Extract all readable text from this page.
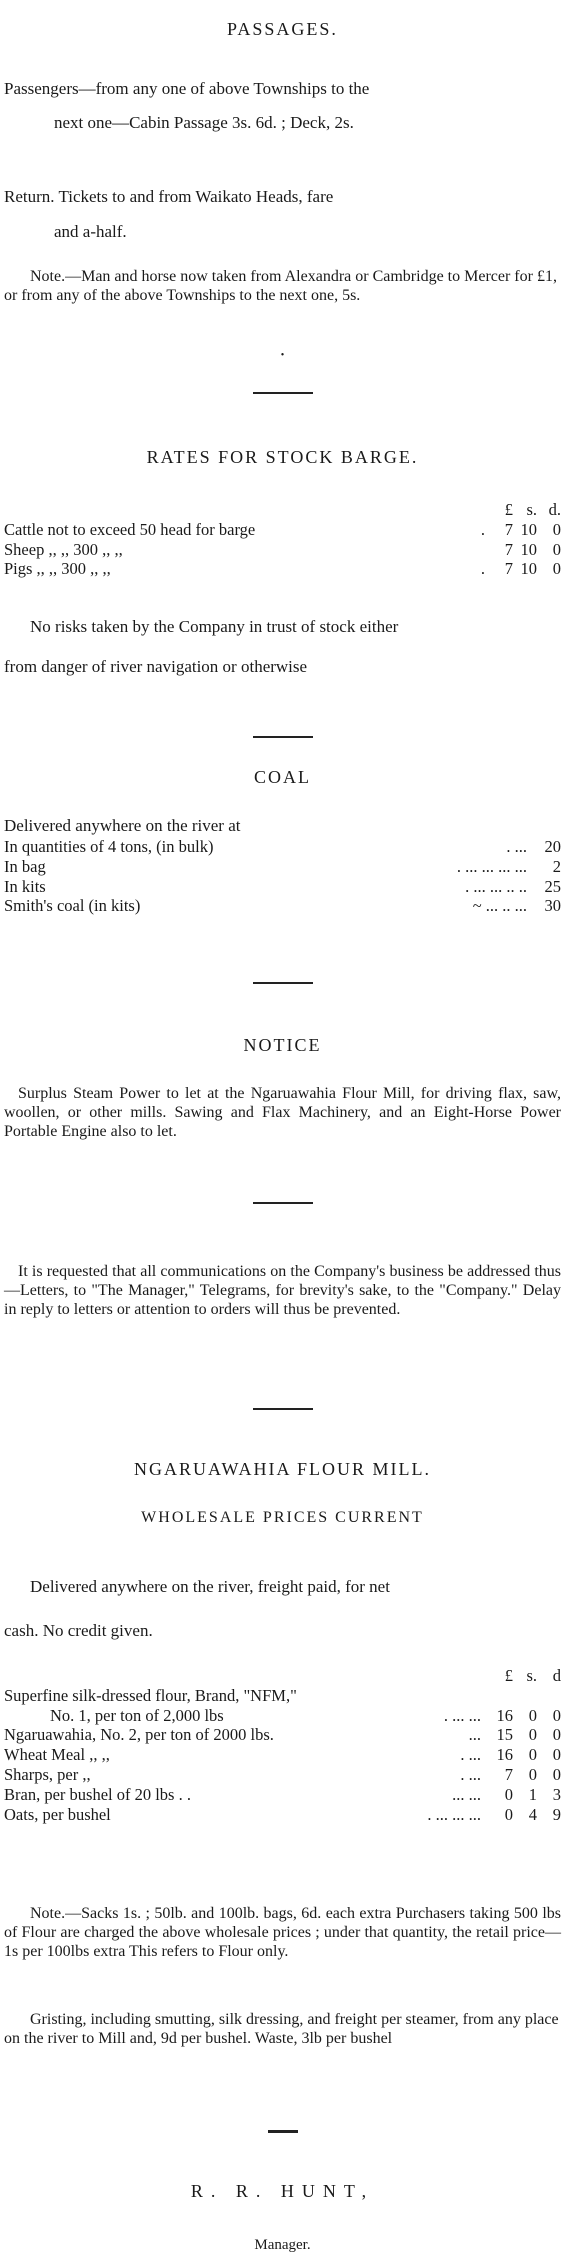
PASSAGES.
Passengers—from any one of above Townships to the
next one—Cabin Passage 3s. 6d. ; Deck, 2s.
Return. Tickets to and from Waikato Heads, fare
and a-half.
Note.—Man and horse now taken from Alexandra or Cambridge to Mercer for £1, or from any of the above Townships to the next one, 5s.
•
RATES FOR STOCK BARGE.
		£	s.	d.
Cattle not to exceed 50 head for barge	.	7	10	0
Sheep ,, ,, 300 ,, ,,		7	10	0
Pigs ,, ,, 300 ,, ,,	.	7	10	0
No risks taken by the Company in trust of stock either
from danger of river navigation or otherwise
COAL
Delivered anywhere on the river at
In quantities of 4 tons, (in bulk)	. ...	20
In bag	. ... ... ... ...	2
In kits	. ... ... .. ..	25
Smith's coal (in kits)	~ ... .. ...	30
NOTICE
Surplus Steam Power to let at the Ngaruawahia Flour Mill, for driving flax, saw, woollen, or other mills. Sawing and Flax Machinery, and an Eight-Horse Power Portable Engine also to let.
It is requested that all communications on the Company's business be addressed thus—Letters, to "The Manager," Telegrams, for brevity's sake, to the "Company." Delay in reply to letters or attention to orders will thus be prevented.
NGARUAWAHIA FLOUR MILL.
WHOLESALE PRICES CURRENT
Delivered anywhere on the river, freight paid, for net
cash. No credit given.
		£	s.	d
Superfine silk-dressed flour, Brand, "NFM,"				
No. 1, per ton of 2,000 lbs	. ... ...	16	0	0
Ngaruawahia, No. 2, per ton of 2000 lbs.	...	15	0	0
Wheat Meal ,, ,,	. ...	16	0	0
Sharps, per ,,	. ...	7	0	0
Bran, per bushel of 20 lbs . .	... ...	0	1	3
Oats, per bushel	. ... ... ...	0	4	9
Note.—Sacks 1s. ; 50lb. and 100lb. bags, 6d. each extra Purchasers taking 500 lbs of Flour are charged the above wholesale prices ; under that quantity, the retail price—1s per 100lbs extra This refers to Flour only.
Gristing, including smutting, silk dressing, and freight per steamer, from any place on the river to Mill and, 9d per bushel. Waste, 3lb per bushel
R. R. HUNT,
Manager.
